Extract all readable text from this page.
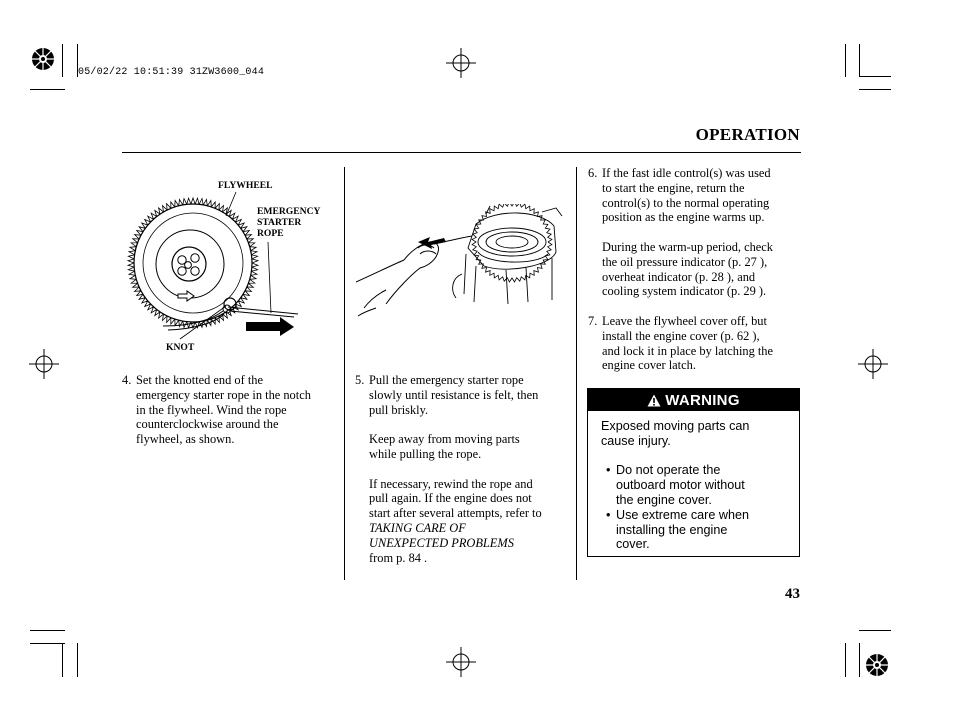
05/02/22 10:51:39 31ZW3600_044
OPERATION
FLYWHEEL
EMERGENCY
STARTER
ROPE
KNOT
4. Set the knotted end of the
emergency starter rope in the notch
in the flywheel. Wind the rope
counterclockwise around the
flywheel, as shown.
5. Pull the emergency starter rope
slowly until resistance is felt, then
pull briskly.

Keep away from moving parts
while pulling the rope.

If necessary, rewind the rope and
pull again. If the engine does not
start after several attempts, refer to
TAKING CARE OF
UNEXPECTED PROBLEMS
from p. 84 .

6. If the fast idle control(s) was used
to start the engine, return the
control(s) to the normal operating
position as the engine warms up.

During the warm-up period, check
the oil pressure indicator (p. 27 ),
overheat indicator (p. 28 ), and
cooling system indicator (p. 29 ).

7. Leave the flywheel cover off, but
install the engine cover (p. 62 ),
and lock it in place by latching the
engine cover latch.
WARNING

Exposed moving parts can
cause injury.

• Do not operate the
outboard motor without
the engine cover.
• Use extreme care when
installing the engine
cover.
43
